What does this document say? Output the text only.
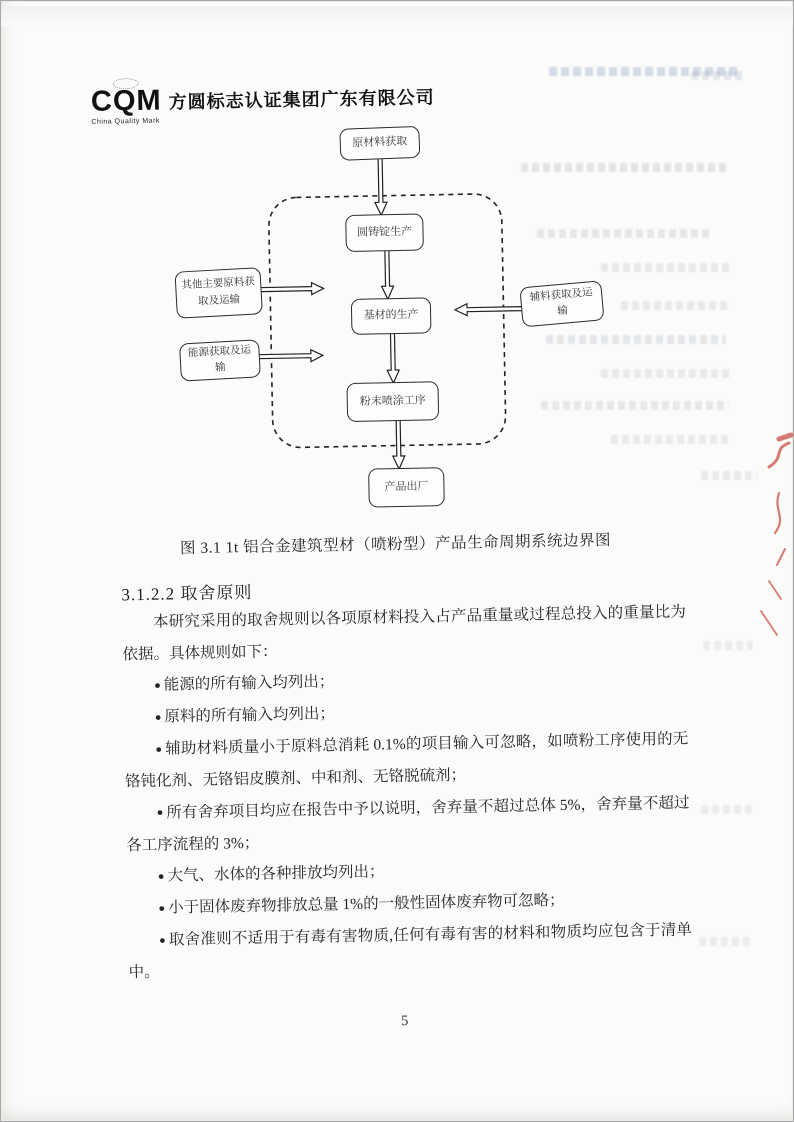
CQM
China Quality Mark
方圆标志认证集团广东有限公司
原材料获取
圆铸锭生产
基材的生产
粉末喷涂工序
产品出厂
其他主要原料获取及运输
能源获取及运输
辅料获取及运输
图 3.1 1t 铝合金建筑型材（喷粉型）产品生命周期系统边界图
3.1.2.2 取舍原则

本研究采用的取舍规则以各项原材料投入占产品重量或过程总投入的重量比为依据。具体规则如下：

● 能源的所有输入均列出；

● 原料的所有输入均列出；

● 辅助材料质量小于原料总消耗 0.1%的项目输入可忽略，如喷粉工序使用的无铬钝化剂、无铬铝皮膜剂、中和剂、无铬脱硫剂；

● 所有舍弃项目均应在报告中予以说明，舍弃量不超过总体 5%，舍弃量不超过各工序流程的 3%；

● 大气、水体的各种排放均列出；

● 小于固体废弃物排放总量 1%的一般性固体废弃物可忽略；

● 取舍准则不适用于有毒有害物质,任何有毒有害的材料和物质均应包含于清单中。

5
